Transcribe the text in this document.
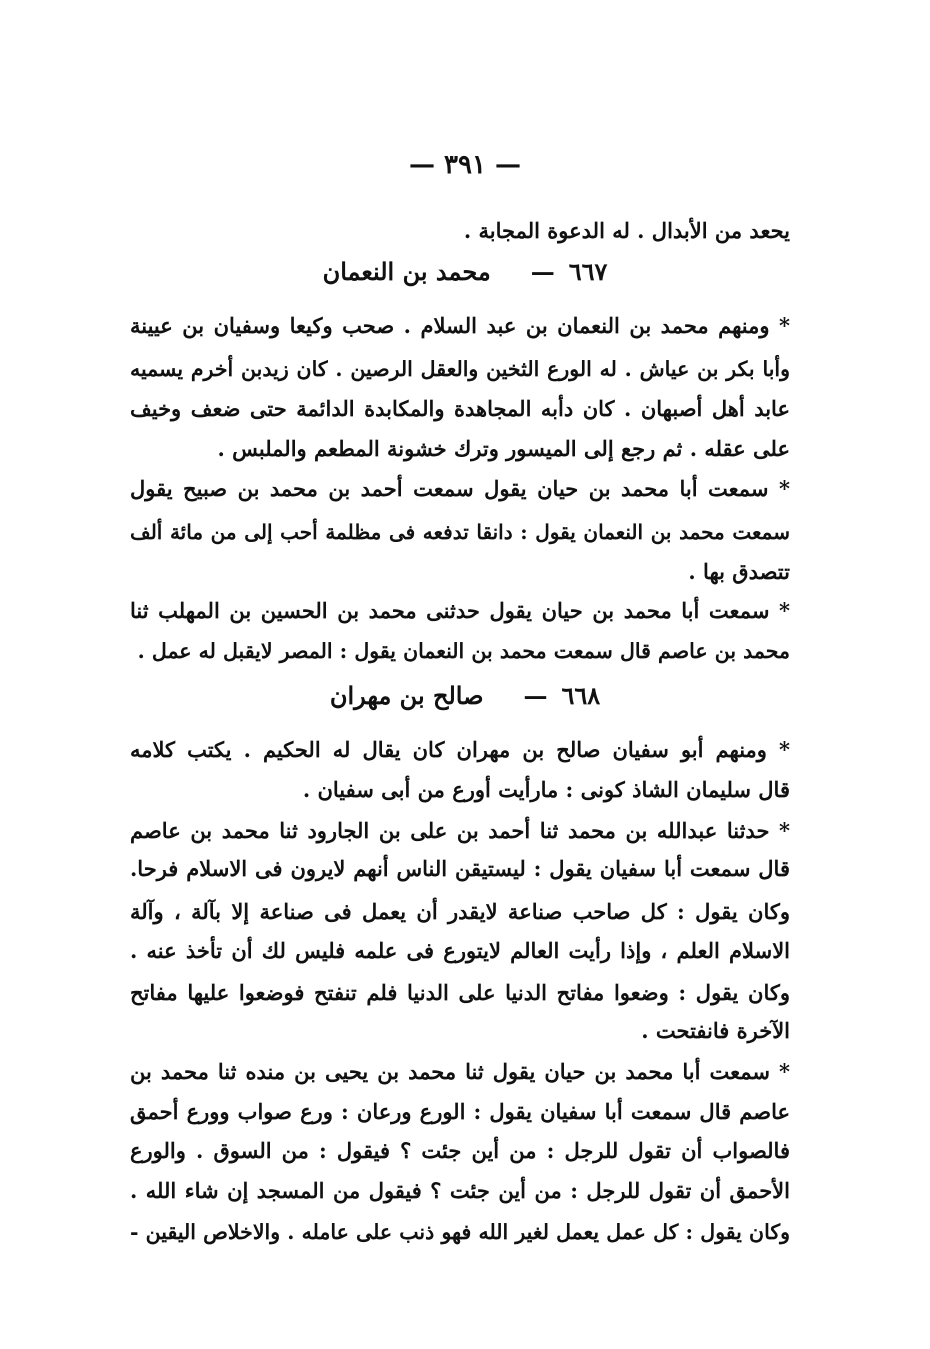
— ٣٩١ —
يحعد من الأبدال . له الدعوة المجابة .
٦٦٧—محمد بن النعمان
* ومنهم محمد بن النعمان بن عبد السلام . صحب وكيعا وسفيان بن عيينة
وأبا بكر بن عياش . له الورع الثخين والعقل الرصين . كان زيدبن أخرم يسميه
عابد أهل أصبهان . كان دأبه المجاهدة والمكابدة الدائمة حتى ضعف وخيف
على عقله . ثم رجع إلى الميسور وترك خشونة المطعم والملبس .
* سمعت أبا محمد بن حيان يقول سمعت أحمد بن محمد بن صبيح يقول
سمعت محمد بن النعمان يقول : دانقا تدفعه فى مظلمة أحب إلى من مائة ألف
تتصدق بها .
* سمعت أبا محمد بن حيان يقول حدثنى محمد بن الحسين بن المهلب ثنا
محمد بن عاصم قال سمعت محمد بن النعمان يقول : المصر لايقبل له عمل .
٦٦٨—صالح بن مهران
* ومنهم أبو سفيان صالح بن مهران كان يقال له الحكيم . يكتب كلامه
قال سليمان الشاذ كونى : مارأيت أورع من أبى سفيان .
* حدثنا عبدالله بن محمد ثنا أحمد بن على بن الجارود ثنا محمد بن عاصم
قال سمعت أبا سفيان يقول : ليستيقن الناس أنهم لايرون فى الاسلام فرحا.
وكان يقول : كل صاحب صناعة لايقدر أن يعمل فى صناعة إلا بآلة ، وآلة
الاسلام العلم ، وإذا رأيت العالم لايتورع فى علمه فليس لك أن تأخذ عنه .
وكان يقول : وضعوا مفاتح الدنيا على الدنيا فلم تنفتح فوضعوا عليها مفاتح
الآخرة فانفتحت .
* سمعت أبا محمد بن حيان يقول ثنا محمد بن يحيى بن منده ثنا محمد بن
عاصم قال سمعت أبا سفيان يقول : الورع ورعان : ورع صواب وورع أحمق
فالصواب أن تقول للرجل : من أين جئت ؟ فيقول : من السوق . والورع
الأحمق أن تقول للرجل : من أين جئت ؟ فيقول من المسجد إن شاء الله .
وكان يقول : كل عمل يعمل لغير الله فهو ذنب على عامله . والاخلاص اليقين -
